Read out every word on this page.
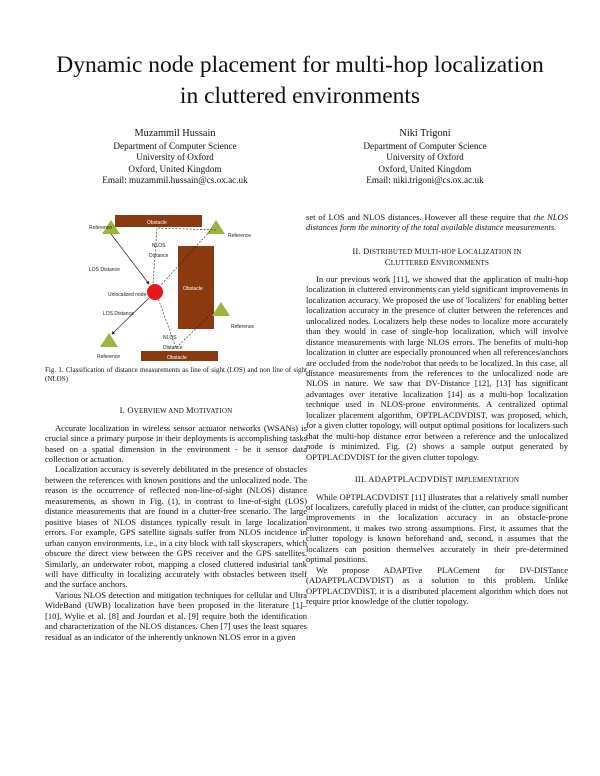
Dynamic node placement for multi-hop localization
in cluttered environments
Muzammil Hussain
Department of Computer Science
University of Oxford
Oxford, United Kingdom
Email: muzammil.hussain@cs.ox.ac.uk
Niki Trigoni
Department of Computer Science
University of Oxford
Oxford, United Kingdom
Email: niki.trigoni@cs.ox.ac.uk
Reference
Reference
Reference
Reference
Obstacle
Obstacle
Obstacle
NLOS
Distance
LOS Distance
Unlocalized node
LOS Distance
NLOS
Distance

Fig. 1. Classification of distance measurements as line of sight (LOS) and non line of sight (NLOS)

I. OVERVIEW AND MOTIVATION

Accurate localization in wireless sensor actuator networks (WSANs) is crucial since a primary purpose in their deployments is accomplishing tasks based on a spatial dimension in the environment - be it sensor data collection or actuation.

Localization accuracy is severely debilitated in the presence of obstacles between the references with known positions and the unlocalized node. The reason is the occurrence of reflected non-line-of-sight (NLOS) distance measurements, as shown in Fig. (1), in contrast to line-of-sight (LOS) distance measurements that are found in a clutter-free scenario. The large positive biases of NLOS distances typically result in large localization errors. For example, GPS satellite signals suffer from NLOS incidence in urban canyon environments, i.e., in a city block with tall skyscrapers, which obscure the direct view between the GPS receiver and the GPS satellites. Similarly, an underwater robot, mapping a closed cluttered industrial tank will have difficulty in localizing accurately with obstacles between itself and the surface anchors.

Various NLOS detection and mitigation techniques for cellular and Ultra WideBand (UWB) localization have been proposed in the literature [1]–[10]. Wylie et al. [8] and Jourdan et al. [9] require both the identification and characterization of the NLOS distances. Chen [7] uses the least squares residual as an indicator of the inherently unknown NLOS error in a given

set of LOS and NLOS distances. However all these require that the NLOS distances form the minority of the total available distance measurements.

II. DISTRIBUTED MULTI-HOP LOCALIZATION IN
CLUTTERED ENVIRONMENTS

In our previous work [11], we showed that the application of multi-hop localization in cluttered environments can yield significant improvements in localization accuracy. We proposed the use of 'localizers' for enabling better localization accuracy in the presence of clutter between the references and unlocalized nodes. Localizers help these nodes to localize more accurately than they would in case of single-hop localization, which will involve distance measurements with large NLOS errors. The benefits of multi-hop localization in clutter are especially pronounced when all references/anchors are occluded from the node/robot that needs to be localized. In this case, all distance measurements from the references to the unlocalized node are NLOS in nature. We saw that DV-Distance [12], [13] has significant advantages over iterative localization [14] as a multi-hop localization technique used in NLOS-prone environments. A centralized optimal localizer placement algorithm, OPTPLACDVDIST, was proposed, which, for a given clutter topology, will output optimal positions for localizers such that the multi-hop distance error between a reference and the unlocalized node is minimized. Fig. (2) shows a sample output generated by OPTPLACDVDIST for the given clutter topology.

III. ADAPTPLACDVDIST IMPLEMENTATION

While OPTPLACDVDIST [11] illustrates that a relatively small number of localizers, carefully placed in midst of the clutter, can produce significant improvements in the localization accuracy in an obstacle-prone environment, it makes two strong assumptions. First, it assumes that the clutter topology is known beforehand and, second, it assumes that the localizers can position themselves accurately in their pre-determined optimal positions.

We propose ADAPTive PLACement for DV-DISTance (ADAPTPLACDVDIST) as a solution to this problem. Unlike OPTPLACDVDIST, it is a distributed placement algorithm which does not require prior knowledge of the clutter topology.
